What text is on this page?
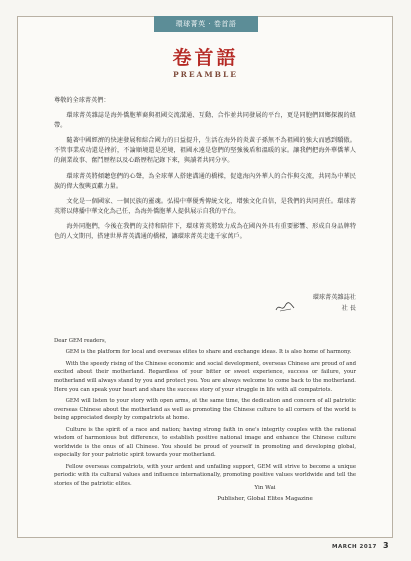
環球菁英 · 卷首語
卷首語
PREAMBLE

尊敬的全球菁英們：

環球菁英雜誌是海外僑胞華裔與祖國交流溝通、互動、合作並共同發展的平台，更是同胞們回鄉探親的紐帶。

隨著中國經濟的快速發展和綜合國力的日益提升，生活在海外的炎黃子孫無不為祖國的強大而感到驕傲。不管事業成功還是挫折，不論順境還是逆境，祖國永遠是您們的堅強後盾和溫暖的家。讓我們把海外華僑華人的創業故事、奮鬥歷程以及心路歷程記錄下來，與讀者共同分享。

環球菁英將傾聽您們的心聲，為全球華人搭建溝通的橋樑，促進海內外華人的合作與交流，共同為中華民族的偉大復興貢獻力量。

文化是一個國家、一個民族的靈魂。弘揚中華優秀傳統文化，增強文化自信，是我們的共同責任。環球菁英將以傳播中華文化為己任，為海外僑胞華人提供展示自我的平台。

海外同胞們，今後在我們的支持和陪伴下，環球菁英將致力成為在國內外具有重要影響、形成自身品牌特色的人文期刊，搭建世界菁英溝通的橋樑，讓環球菁英走進千家萬戶。

環球菁英雜誌社
社 長

Dear GEM readers,

GEM is the platform for local and overseas elites to share and exchange ideas. It is also home of harmony.

With the speedy rising of the Chinese economic and social development, overseas Chinese are proud of and excited about their motherland. Regardless of your bitter or sweet experience, success or failure, your motherland will always stand by you and protect you. You are always welcome to come back to the motherland. Here you can speak your heart and share the success story of your struggle in life with all compatriots.

GEM will listen to your story with open arms, at the same time, the dedication and concern of all patriotic overseas Chinese about the motherland as well as promoting the Chinese culture to all corners of the world is being appreciated deeply by compatriots at home.

Culture is the spirit of a race and nation; having strong faith in one's integrity couples with the rational wisdom of harmonious but difference, to establish positive national image and enhance the Chinese culture worldwide is the onus of all Chinese. You should be proud of yourself in promoting and developing global, especially for your patriotic spirit towards your motherland.

Fellow overseas compatriots, with your ardent and unfailing support, GEM will strive to become a unique periodic with its cultural values and influence internationally, promoting positive values worldwide and tell the stories of the patriotic elites.

Yin Wai
Publisher, Global Elites Magazine
MARCH 2017 3
